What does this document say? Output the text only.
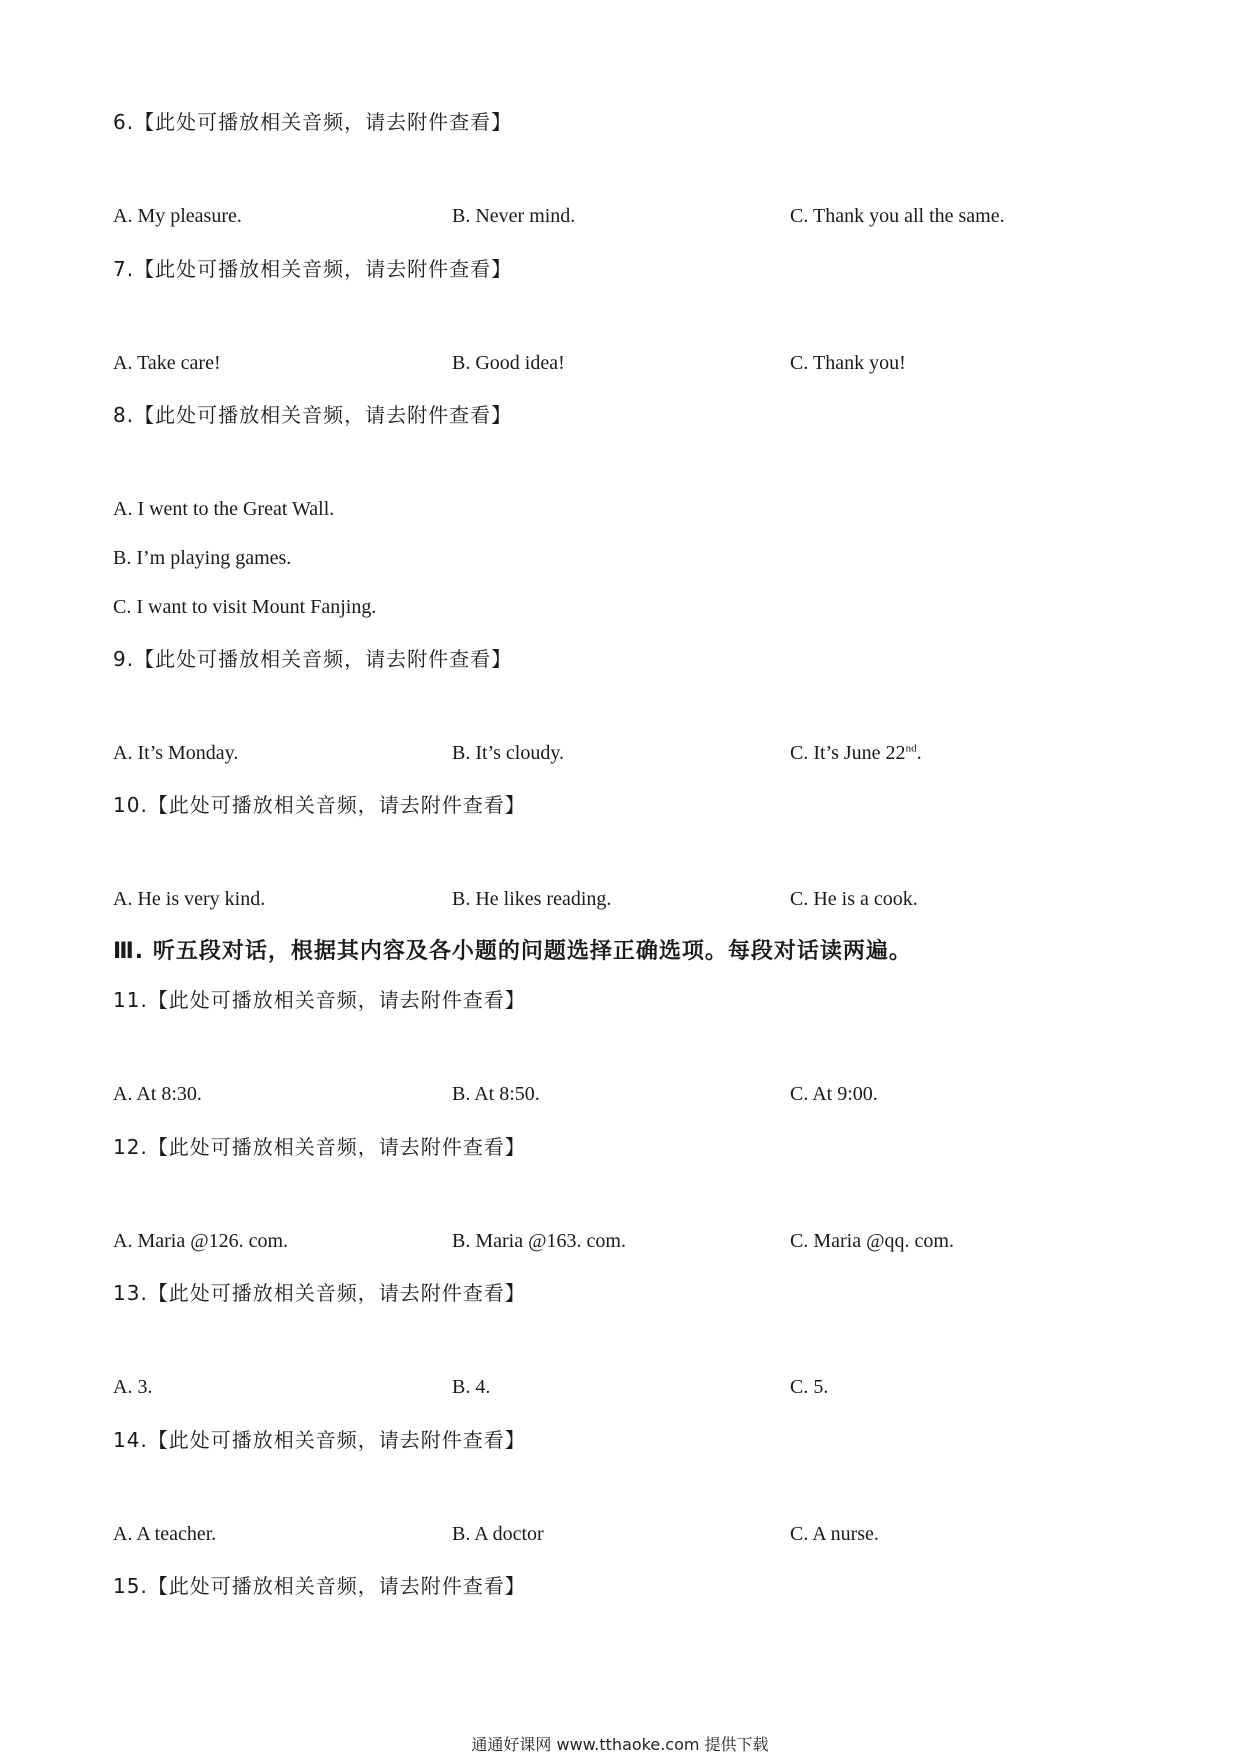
6.【此处可播放相关音频，请去附件查看】
A. My pleasure.	B. Never mind.	C. Thank you all the same.
7.【此处可播放相关音频，请去附件查看】
A. Take care!	B. Good idea!	C. Thank you!
8.【此处可播放相关音频，请去附件查看】
A. I went to the Great Wall.
B. I’m playing games.
C. I want to visit Mount Fanjing.
9.【此处可播放相关音频，请去附件查看】
A. It’s Monday.	B. It’s cloudy.	C. It’s June 22nd.
10.【此处可播放相关音频，请去附件查看】
A. He is very kind.	B. He likes reading.	C. He is a cook.
Ⅲ. 听五段对话，根据其内容及各小题的问题选择正确选项。每段对话读两遍。
11.【此处可播放相关音频，请去附件查看】
A. At 8:30.	B. At 8:50.	C. At 9:00.
12.【此处可播放相关音频，请去附件查看】
A. Maria @126. com.	B. Maria @163. com.	C. Maria @qq. com.
13.【此处可播放相关音频，请去附件查看】
A. 3.	B. 4.	C. 5.
14.【此处可播放相关音频，请去附件查看】
A. A teacher.	B. A doctor	C. A nurse.
15.【此处可播放相关音频，请去附件查看】
通通好课网 www.tthaoke.com 提供下载
